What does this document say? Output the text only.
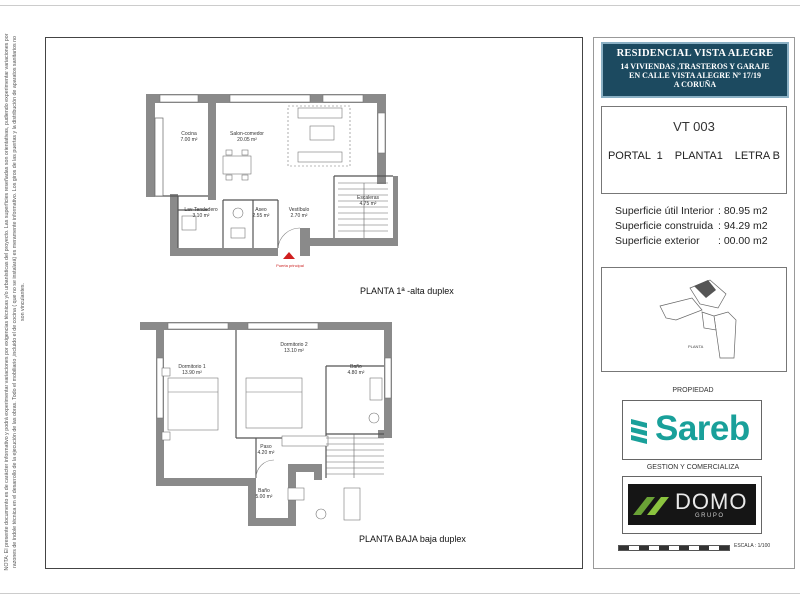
NOTA: El presente documento es de carácter informativo y podrá experimentar variaciones por exigencias técnicas y/o urbanísticas del proyecto. Las superficies reseñadas son orientativas, pudiendo experimentar variaciones por razones de índole técnica en el desarrollo de la ejecución de las obras. Todo el mobiliario ,incluido el de cocina ( que no se instalará) es meramente informativo. Los giros de las puertas y la distribución de aparatos sanitarios no son vinculantes.
Cocina
7.00 m²
Salon-comedor
20.05 m²
Lav-Tendedero
3.10 m²
Aseo
2.55 m²
Vestíbulo
2.70 m²
Escaleras
4.75 m²
Puerta principal
PLANTA 1ª -alta duplex
Dormitorio 1
13.90 m²
Dormitorio 2
13.10 m²
Baño
4.80 m²
Paso
4.20 m²
Baño
5.00 m²
PLANTA BAJA baja duplex
RESIDENCIAL VISTA ALEGRE
14 VIVIENDAS ,TRASTEROS Y GARAJE
EN CALLE VISTA ALEGRE Nº 17/19
A CORUÑA
VT 003
PORTAL  1 PLANTA1 LETRA B
Superficie útil Interior : 80.95 m2
Superficie construida : 94.29 m2
Superficie exterior : 00.00 m2
PLANTA
PROPIEDAD
Sareb
GESTION Y COMERCIALIZA
DOMO
GRUPO
ESCALA : 1/100
